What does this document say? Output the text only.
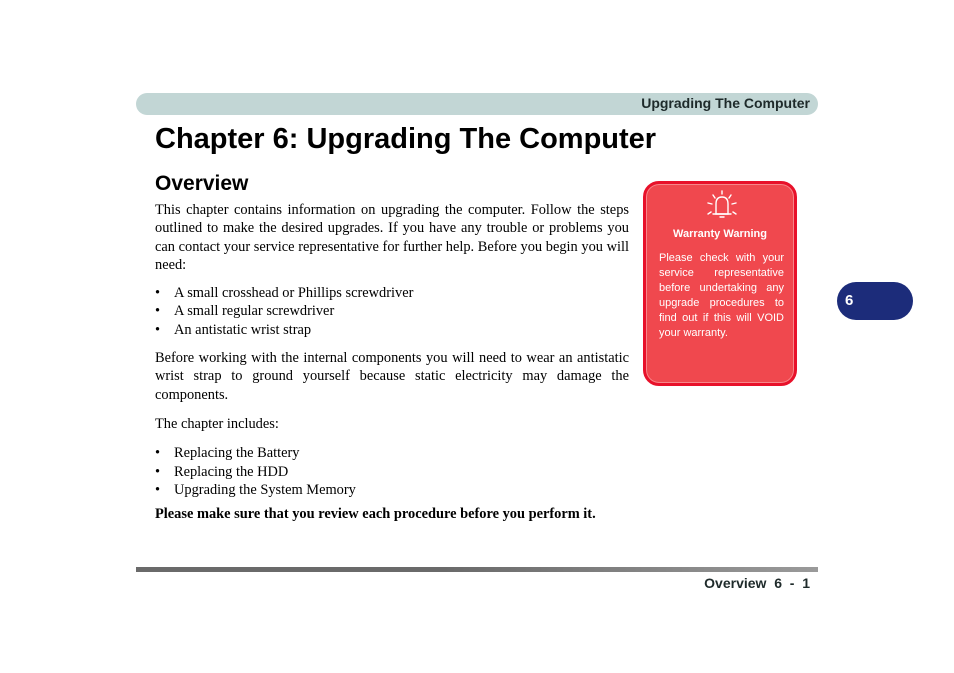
Upgrading The Computer
Chapter 6: Upgrading The Computer
Overview

This chapter contains information on upgrading the computer. Follow the steps outlined to make the desired upgrades. If you have any trouble or problems you can contact your service representative for further help. Before you begin you will need:

• A small crosshead or Phillips screwdriver
• A small regular screwdriver
• An antistatic wrist strap

Before working with the internal components you will need to wear an antistatic wrist strap to ground yourself because static electricity may damage the components.

The chapter includes:

• Replacing the Battery
• Replacing the HDD
• Upgrading the System Memory

Please make sure that you review each procedure before you perform it.

Warranty Warning
Please check with your service representative before undertaking any upgrade procedures to find out if this will VOID your warranty.
6
Overview  6  -  1
